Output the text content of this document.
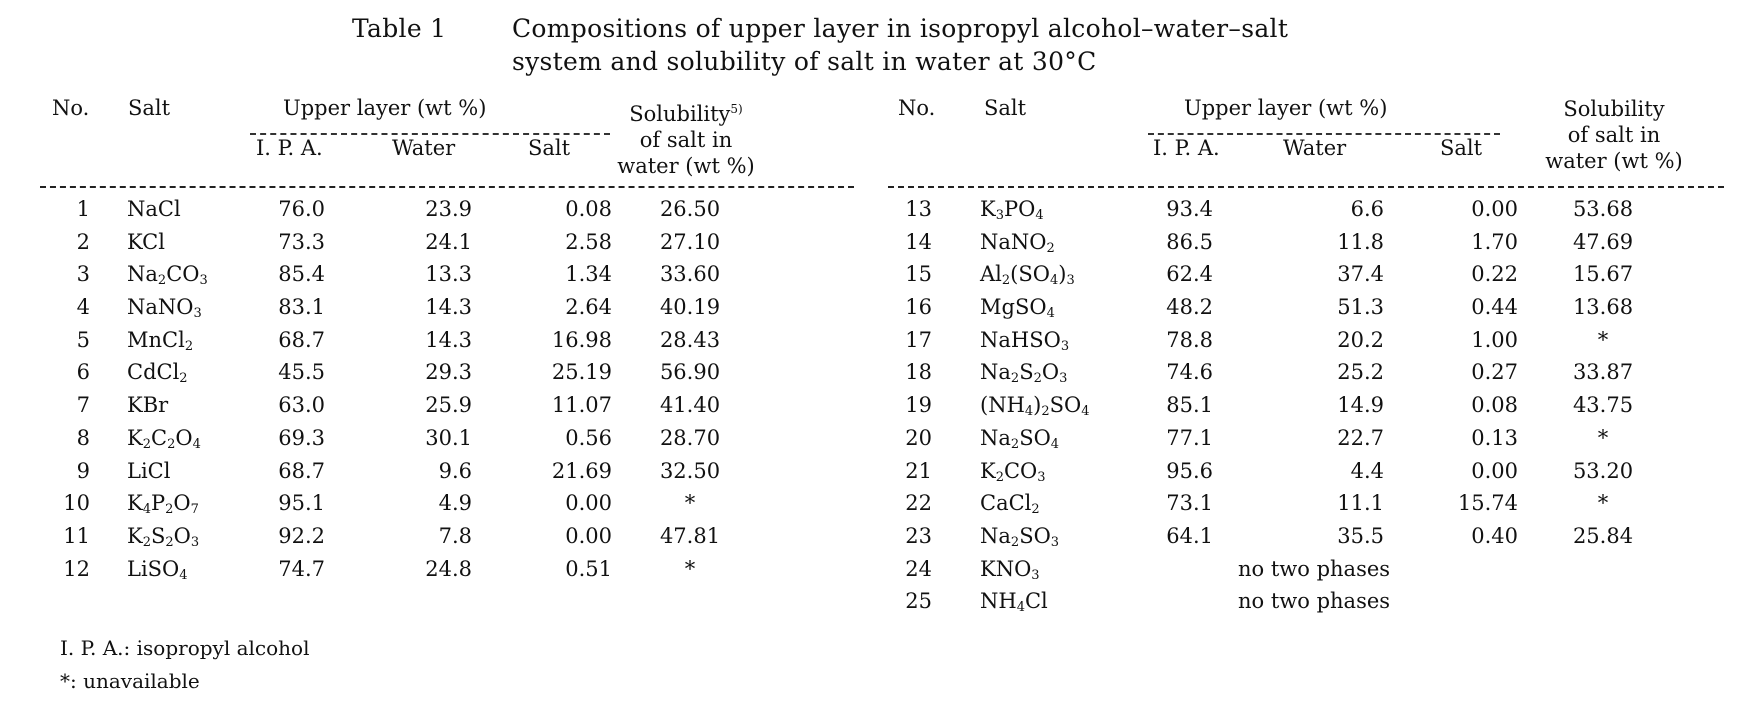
Table 1	Compositions of upper layer in isopropyl alcohol–water–salt
system and solubility of salt in water at 30°C
No. Salt	Upper layer (wt %)
I. P. A.	Water	Salt
Solubility$^{5)}$
of salt in
water (wt %)
1 NaCl	76.0	23.9	0.08	26.50
2 KCl	73.3	24.1	2.58	27.10
3 $Na_2CO_3$	85.4	13.3	1.34	33.60
4 NaNO$_3$	83.1	14.3	2.64	40.19
5 MnCl$_2$	68.7	14.3	16.98	28.43
6 CdCl$_2$	45.5	29.3	25.19	56.90
7 KBr	63.0	25.9	11.07	41.40
8 $K_2C_2O_4$	69.3	30.1	0.56	28.70
9 LiCl	68.7	9.6	21.69	32.50
10 $K_4P_2O_7$	95.1	4.9	0.00	*
11 $K_2S_2O_3$	92.2	7.8	0.00	47.81
12 LiSO$_4$	74.7	24.8	0.51	*
No. Salt	Upper layer (wt %)
I. P. A.	Water	Salt
Solubility
of salt in
water (wt %)
13 $K_3PO_4$	93.4	6.6	0.00	53.68
14 NaNO$_2$	86.5	11.8	1.70	47.69
15 $Al_2(SO_4)_3$	62.4	37.4	0.22	15.67
16 MgSO$_4$	48.2	51.3	0.44	13.68
17 NaHSO$_3$	78.8	20.2	1.00	*
18 $Na_2S_2O_3$	74.6	25.2	0.27	33.87
19 $(NH_4)_2SO_4$	85.1	14.9	0.08	43.75
20 $Na_2SO_4$	77.1	22.7	0.13	*
21 $K_2CO_3$	95.6	4.4	0.00	53.20
22 CaCl$_2$	73.1	11.1	15.74	*
23 $Na_2SO_3$	64.1	35.5	0.40	25.84
24 $KNO_3$	no two phases
25 $NH_4Cl$	no two phases
I. P. A.: isopropyl alcohol
*: unavailable
